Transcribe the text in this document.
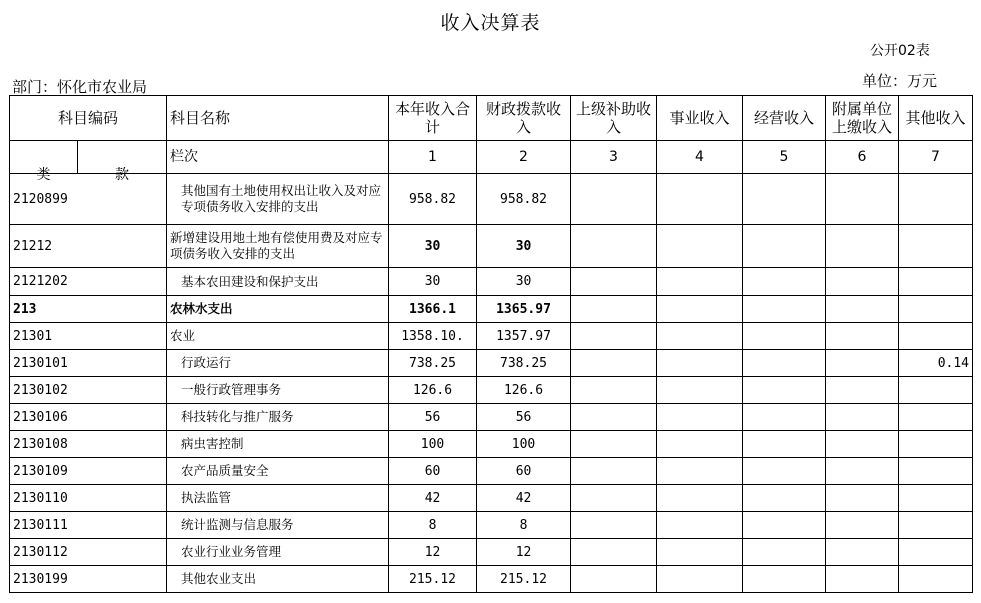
收入决算表
公开02表
部门：怀化市农业局	单位：万元
科目编码		科目名称	本年收入合计	财政拨款收入	上级补助收入	事业收入	经营收入	附属单位上缴收入	其他收入
类	款	栏次	1	2	3	4	5	6	7
2120899		其他国有土地使用权出让收入及对应专项债务收入安排的支出	958.82	958.82					
21212		新增建设用地土地有偿使用费及对应专项债务收入安排的支出	30	30					
2121202		基本农田建设和保护支出	30	30					
213		农林水支出	1366.1	1365.97					
21301		农业	1358.10.	1357.97					
2130101		行政运行	738.25	738.25					0.14
2130102		一般行政管理事务	126.6	126.6					
2130106		科技转化与推广服务	56	56					
2130108		病虫害控制	100	100					
2130109		农产品质量安全	60	60					
2130110		执法监管	42	42					
2130111		统计监测与信息服务	8	8					
2130112		农业行业业务管理	12	12					
2130199		其他农业支出	215.12	215.12					
